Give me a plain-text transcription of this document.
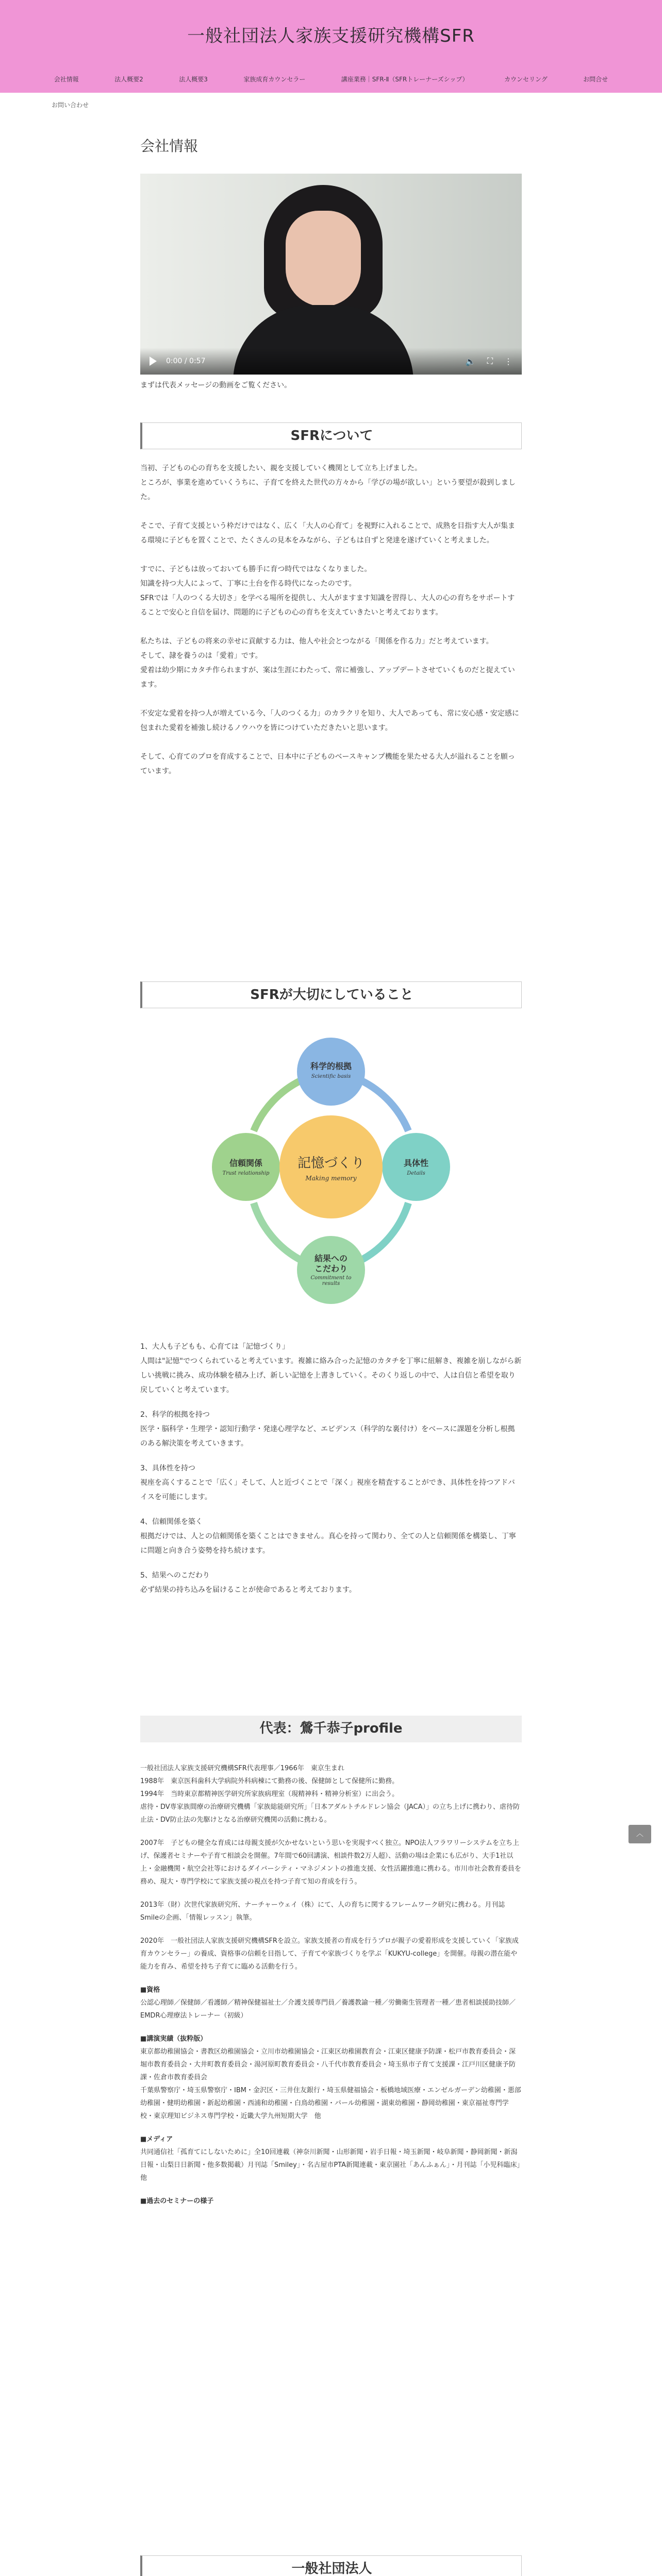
一般社団法人家族支援研究機構SFR
会社情報	法人概要2	法人概要3	家族成育カウンセラー	講座業務｜SFR-Ⅱ（SFRトレーナーズシップ）	カウンセリング	お問合せ
お問い合わせ
会社情報
0:00 / 0:57	🔈 ⛶ ⋮
まずは代表メッセージの動画をご覧ください。
SFRについて

当初、子どもの心の育ちを支援したい、親を支援していく機関として立ち上げました。
ところが、事業を進めていくうちに、子育てを終えた世代の方々から「学びの場が欲しい」という要望が殺到しました。

そこで、子育て支援という枠だけではなく、広く「大人の心育て」を視野に入れることで、成熟を目指す大人が集まる環境に子どもを置くことで、たくさんの見本をみながら、子どもは自ずと発達を遂げていくと考えました。

すでに、子どもは放っておいても勝手に育つ時代ではなくなりました。
知識を持つ大人によって、丁寧に土台を作る時代になったのです。
SFRでは「人のつくる大切さ」を学べる場所を提供し、大人がますます知識を習得し、大人の心の育ちをサポートすることで安心と自信を届け、問題的に子どもの心の育ちを支えていきたいと考えております。

私たちは、子どもの将来の幸せに貢献する力は、他人や社会とつながる「関係を作る力」だと考えています。
そして、隷を養うのは「愛着」です。
愛着は幼少期にカタチ作られますが、案は生涯にわたって、常に補強し、アップデートさせていくものだと捉えています。

不安定な愛着を持つ人が増えている今、「人のつくる力」のカラクリを知り、大人であっても、常に安心感・安定感に包まれた愛着を補強し続けるノウハウを皆につけていただきたいと思います。

そして、心育てのプロを育成することで、日本中に子どものベースキャンプ機能を果たせる大人が溢れることを願っています。

SFRが大切にしていること
科学的根拠
Scientific basis
具体性
Details
結果への
こだわり
Commitment to results
信頼関係
Trust relationship
記憶づくり
Making memory

1、大人も子どもも、心育ては「記憶づくり」
人間は"記憶"でつくられていると考えています。複雑に絡み合った記憶のカタチを丁寧に紐解き、複雑を崩しながら新しい挑戦に挑み、成功体験を積み上げ、新しい記憶を上書きしていく。そのくり返しの中で、人は自信と希望を取り戻していくと考えています。

2、科学的根拠を持つ
医学・脳科学・生理学・認知行動学・発達心理学など、エビデンス（科学的な裏付け）をベースに課題を分析し根拠のある解決策を考えていきます。

3、具体性を持つ
視座を高くすることで「広く」そして、人と近づくことで「深く」視座を精査することができ、具体性を持つアドバイスを可能にします。

4、信頼関係を築く
根拠だけでは、人との信頼関係を築くことはできません。真心を持って関わり、全ての人と信頼関係を構築し、丁寧に問題と向き合う姿勢を持ち続けます。

5、結果へのこだわり
必ず結果の持ち込みを届けることが使命であると考えております。

代表：鶯千恭子profile

一般社団法人家族支援研究機構SFR代表理事／1966年　東京生まれ
1988年　東京医科歯科大学病院外科病棟にて勤務の後、保健師として保健所に勤務。
1994年　当時東京都精神医学研究所家族病理室（現精神科・精神分析室）に出会う。
虐待・DV専家族間療の治療研究機構「家族総能研究所」「日本アダルトチルドレン協会（JACA）」の立ち上げに携わり、虐待防止法・DV防止法の先駆けとなる治療研究機関の活動に携わる。

2007年　子どもの健全な育成には母親支援が欠かせないという思いを実現すべく独立。NPO法人フラワリーシステムを立ち上げ、保護者セミナーや子育て相談会を開催。7年間で60回講演、相談件数2万人超）、活動の場は企業にも広がり、大手1社以上・金融機関・航空会社等におけるダイバーシティ・マネジメントの推進支援、女性活躍推進に携わる。市川市社会教育委員を務め、現大・専門学校にて家族支援の視点を持つ子育て知の育成を行う。

2013年（財）次世代家族研究所、ナーチャーウェイ（株）にて、人の育ちに関するフレームワーク研究に携わる。月刊誌Smileの企画、「情報レッスン」執筆。

2020年　一般社団法人家族支援研究機構SFRを設立。家族支援者の育成を行うプロが親子の愛着形成を支援していく「家族成育カウンセラー」の養成、資格事の信頼を目指して、子育てや家族づくりを学ぶ「KUKYU-college」を開催。母親の潜在能や能力を育み、希望を持ち子育てに臨める活動を行う。

■資格

公認心理師／保健師／看護師／精神保健福祉士／介護支援専門員／養護教諭一種／労働衛生管理者一種／患者相談援助技師／EMDR心理療法トレーナー（初級）

■講演実績（抜粋版）

東京都幼稚園協会・書教区幼稚園協会・立川市幼稚園協会・江東区幼稚園教育会・江東区健康予防課・松戸市教育委員会・深堀市教育委員会・大井町教育委員会・湯河原町教育委員会・八千代市教育委員会・埼玉県市子育て支援課・江戸川区健康予防課・佐倉市教育委員会
千葉県警察庁・埼玉県警察庁・IBM・金沢区・三井住友銀行・埼玉県健福協会・板橋地域医療・エンゼルガーデン幼稚園・悪部幼稚園・健明幼稚園・新起幼稚園・西浦和幼稚園・白鳥幼稚園・パール幼稚園・湖東幼稚園・静岡幼稚園・東京福祉専門学校・東京理知ビジネス専門学校・近畿大学九州短期大学　他

■メディア

共同通信社「孤育てにしないために」全10回連載（神奈川新聞・山形新聞・岩手日報・埼玉新聞・岐阜新聞・静岡新聞・新潟日報・山梨日日新聞・他多数掲載）月刊誌「Smiley」・名古屋市PTA新聞連載・東京園社「あんふぁん」・月刊誌「小児科臨床」他

■過去のセミナーの様子
一般社団法人
︿
